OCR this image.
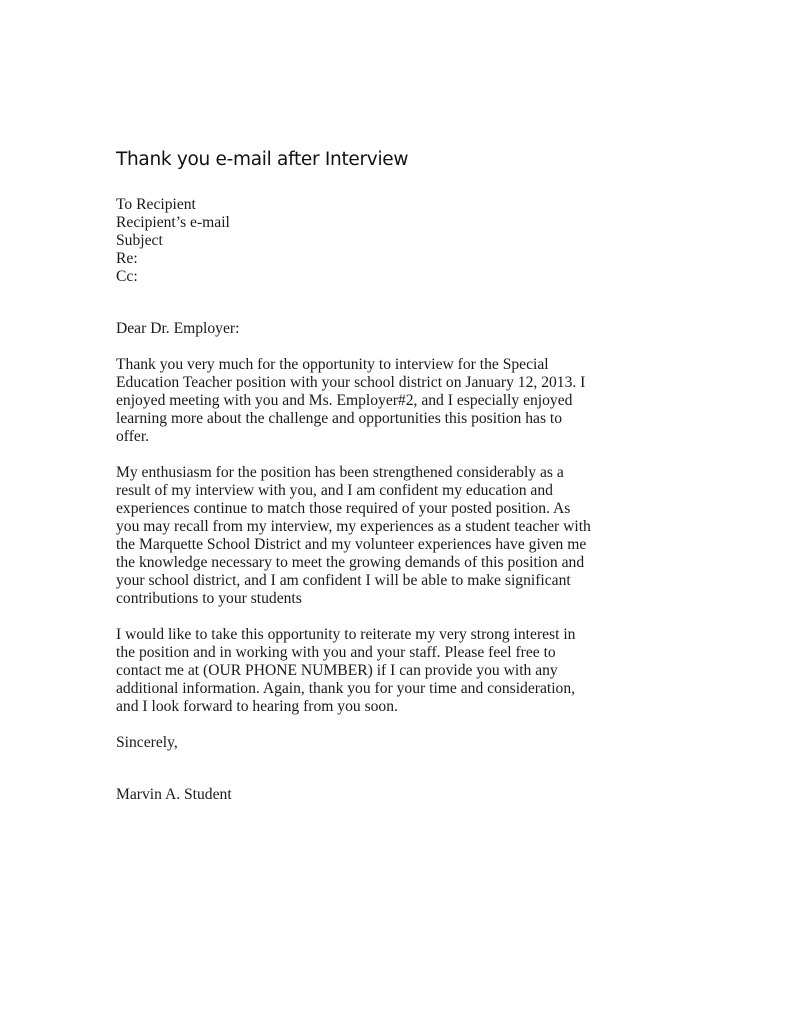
Thank you e-mail after Interview
To Recipient
Recipient’s e-mail
Subject
Re:
Cc:
Dear Dr. Employer:
Thank you very much for the opportunity to interview for the Special
Education Teacher position with your school district on January 12, 2013. I
enjoyed meeting with you and Ms. Employer#2, and I especially enjoyed
learning more about the challenge and opportunities this position has to
offer.
My enthusiasm for the position has been strengthened considerably as a
result of my interview with you, and I am confident my education and
experiences continue to match those required of your posted position. As
you may recall from my interview, my experiences as a student teacher with
the Marquette School District and my volunteer experiences have given me
the knowledge necessary to meet the growing demands of this position and
your school district, and I am confident I will be able to make significant
contributions to your students
I would like to take this opportunity to reiterate my very strong interest in
the position and in working with you and your staff. Please feel free to
contact me at (OUR PHONE NUMBER) if I can provide you with any
additional information. Again, thank you for your time and consideration,
and I look forward to hearing from you soon.
Sincerely,
Marvin A. Student
